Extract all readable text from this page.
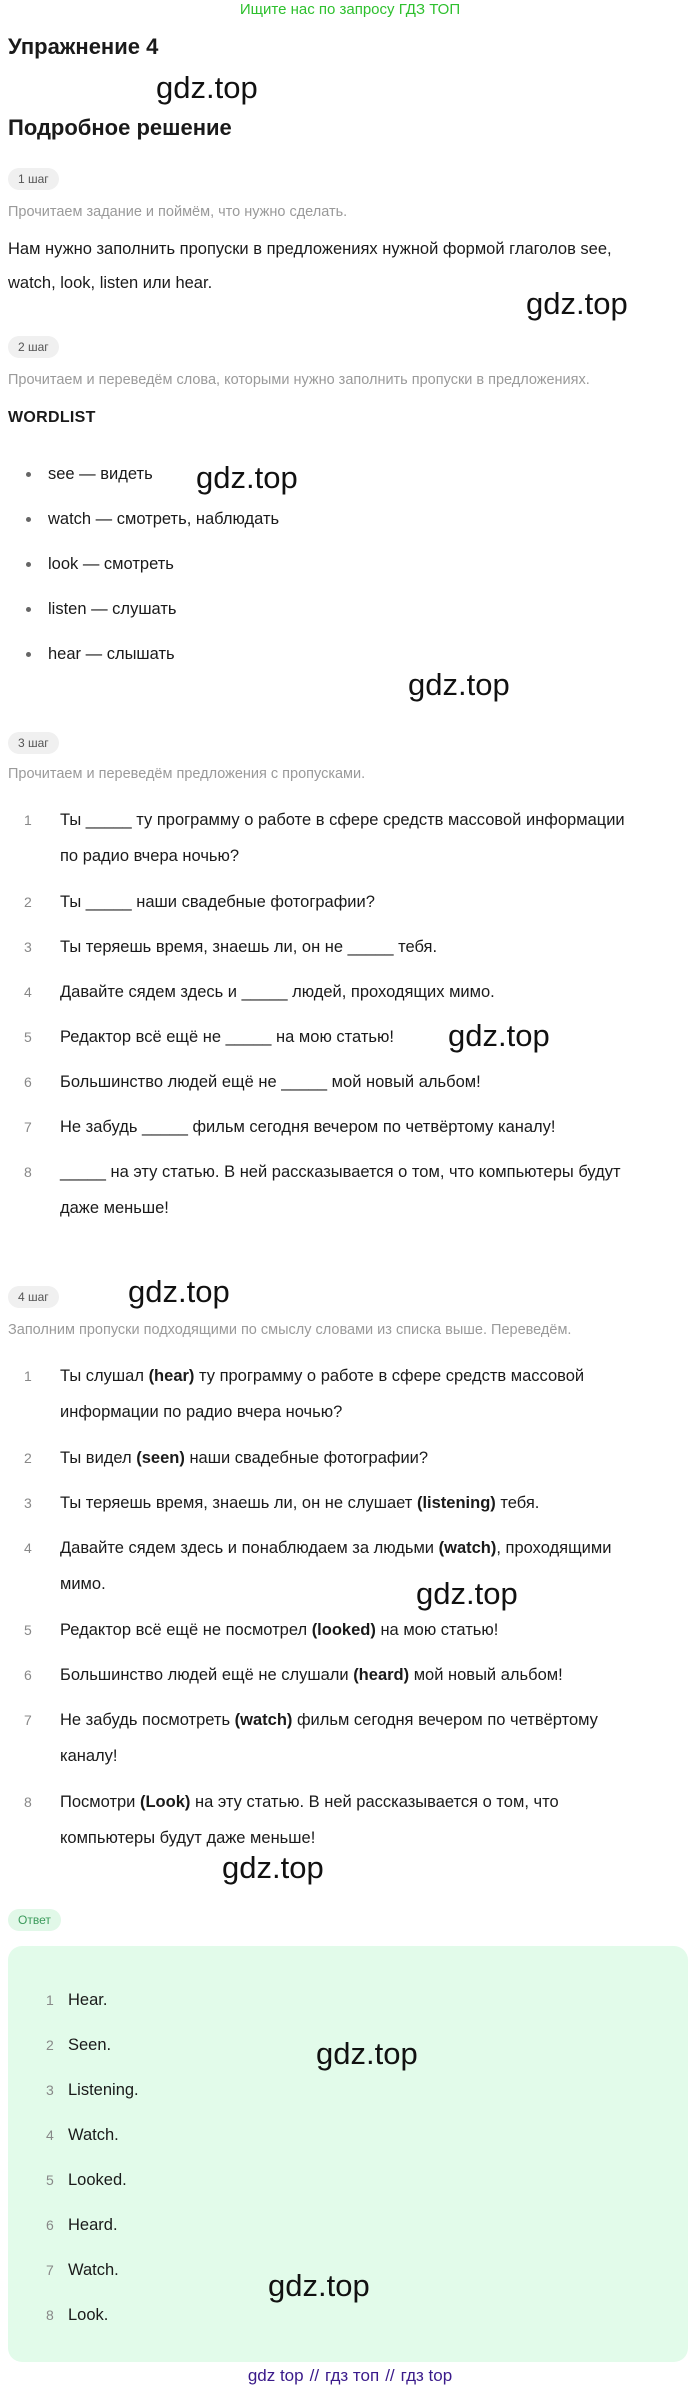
Ищите нас по запросу ГДЗ ТОП
Упражнение 4
gdz.top
Подробное решение
1 шаг
Прочитаем задание и поймём, что нужно сделать.
Нам нужно заполнить пропуски в предложениях нужной формой глаголов see,
watch, look, listen или hear.
gdz.top
2 шаг
Прочитаем и переведём слова, которыми нужно заполнить пропуски в предложениях.
WORDLIST
see — видеть gdz.top
watch — смотреть, наблюдать
look — смотреть
listen — слушать
hear — слышать
gdz.top
3 шаг
Прочитаем и переведём предложения с пропусками.
1	Ты _____ ту программу о работе в сфере средств массовой информации
по радио вчера ночью?
2	Ты _____ наши свадебные фотографии?
3	Ты теряешь время, знаешь ли, он не _____ тебя.
4	Давайте сядем здесь и _____ людей, проходящих мимо.
5	Редактор всё ещё не _____ на мою статью!
6	Большинство людей ещё не _____ мой новый альбом!
7	Не забудь _____ фильм сегодня вечером по четвёртому каналу!
8	_____ на эту статью. В ней рассказывается о том, что компьютеры будут
даже меньше!
gdz.top
gdz.top
4 шаг
Заполним пропуски подходящими по смыслу словами из списка выше. Переведём.
1	Ты слушал (hear) ту программу о работе в сфере средств массовой
информации по радио вчера ночью?
2	Ты видел (seen) наши свадебные фотографии?
3	Ты теряешь время, знаешь ли, он не слушает (listening) тебя.
4	Давайте сядем здесь и понаблюдаем за людьми (watch), проходящими
мимо.
5	Редактор всё ещё не посмотрел (looked) на мою статью!
6	Большинство людей ещё не слушали (heard) мой новый альбом!
7	Не забудь посмотреть (watch) фильм сегодня вечером по четвёртому
каналу!
8	Посмотри (Look) на эту статью. В ней рассказывается о том, что
компьютеры будут даже меньше!
gdz.top
gdz.top
Ответ
1 Hear.
2 Seen.
3 Listening.
4 Watch.
5 Looked.
6 Heard.
7 Watch.
8 Look.
gdz.top
gdz.top
gdz top // гдз топ // гдз top
